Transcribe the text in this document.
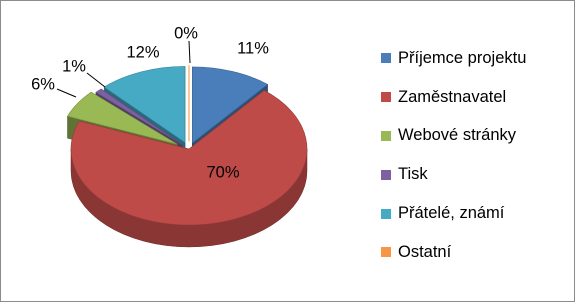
11%
70%
6%
1%
12%
0%
Příjemce projektu
Zaměstnavatel
Webové stránky
Tisk
Přátelé, známí
Ostatní
